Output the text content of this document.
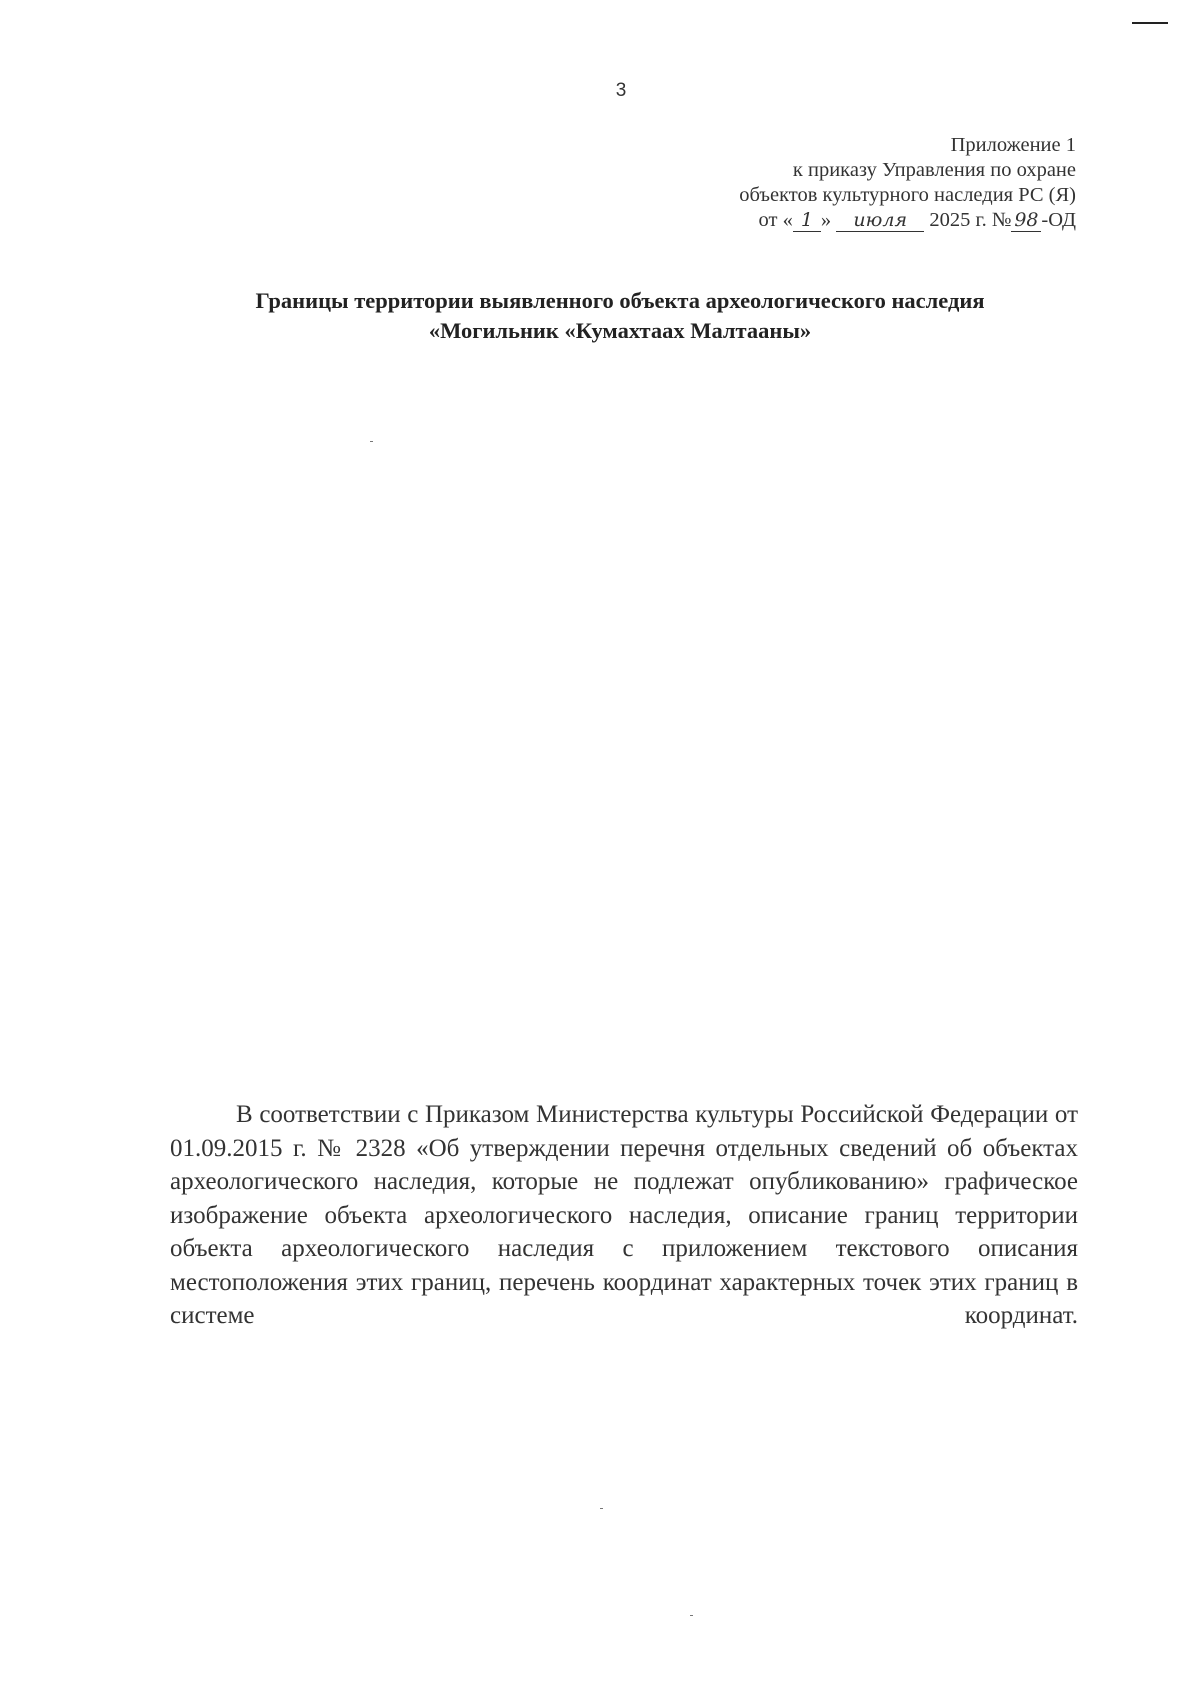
3
Приложение 1
к приказу Управления по охране
объектов культурного наследия РС (Я)
от « 1 » июля 2025 г. № 98 -ОД
Границы территории выявленного объекта археологического наследия
«Могильник «Кумахтаах Малтааны»
В соответствии с Приказом Министерства культуры Российской Федерации от 01.09.2015 г. № 2328 «Об утверждении перечня отдельных сведений об объектах археологического наследия, которые не подлежат опубликованию» графическое изображение объекта археологического наследия, описание границ территории объекта археологического наследия с приложением текстового описания местоположения этих границ, перечень координат характерных точек этих границ в системе координат.
